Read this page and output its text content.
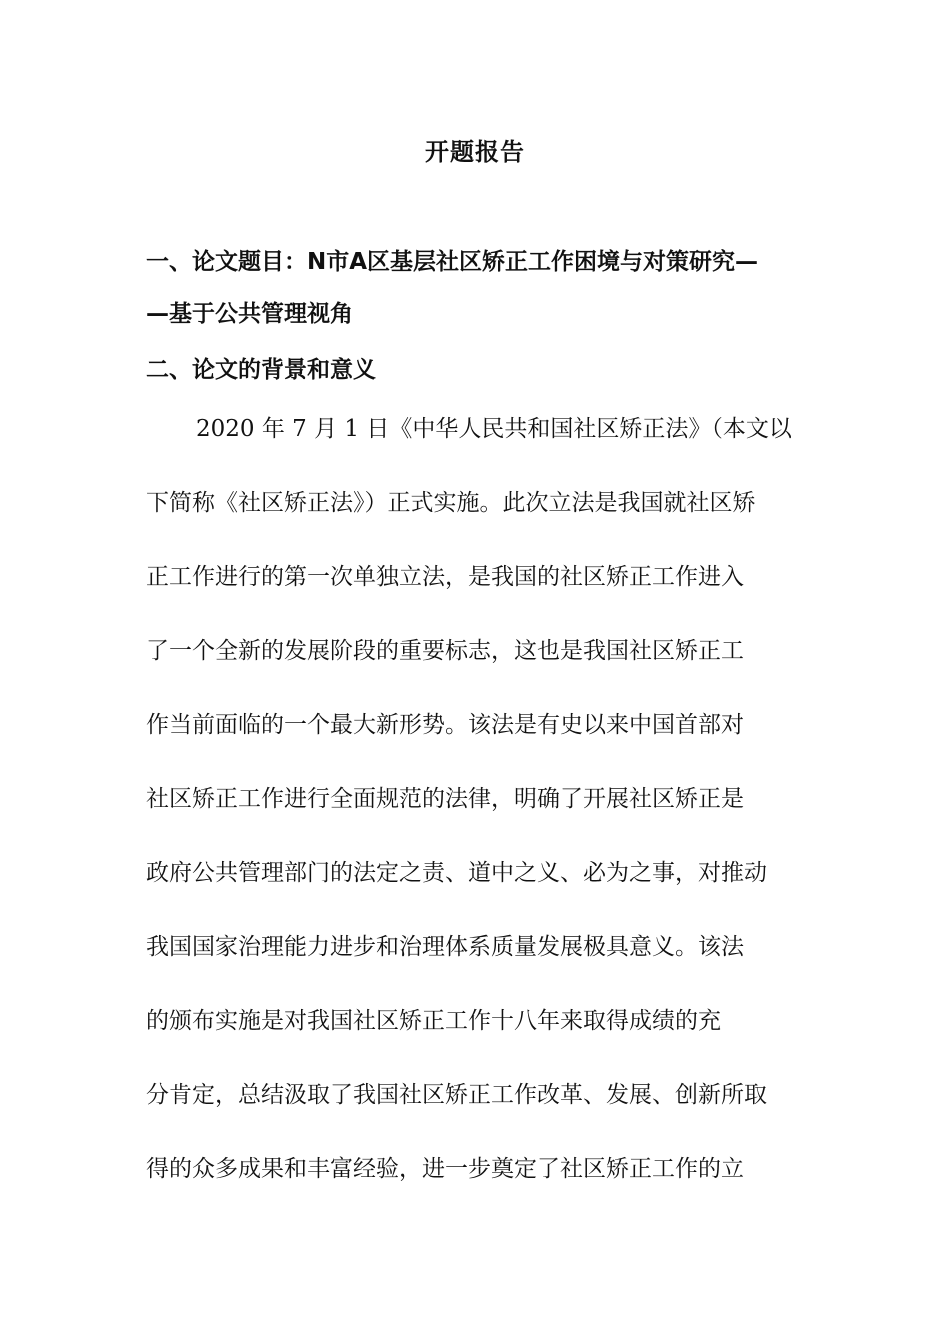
开题报告
一、论文题目：N市A区基层社区矫正工作困境与对策研究—
—基于公共管理视角
二、论文的背景和意义
2020 年 7 月 1 日《中华人民共和国社区矫正法》（本文以
下简称《社区矫正法》）正式实施。此次立法是我国就社区矫
正工作进行的第一次单独立法，是我国的社区矫正工作进入
了一个全新的发展阶段的重要标志，这也是我国社区矫正工
作当前面临的一个最大新形势。该法是有史以来中国首部对
社区矫正工作进行全面规范的法律，明确了开展社区矫正是
政府公共管理部门的法定之责、道中之义、必为之事，对推动
我国国家治理能力进步和治理体系质量发展极具意义。该法
的颁布实施是对我国社区矫正工作十八年来取得成绩的充
分肯定，总结汲取了我国社区矫正工作改革、发展、创新所取
得的众多成果和丰富经验，进一步奠定了社区矫正工作的立
